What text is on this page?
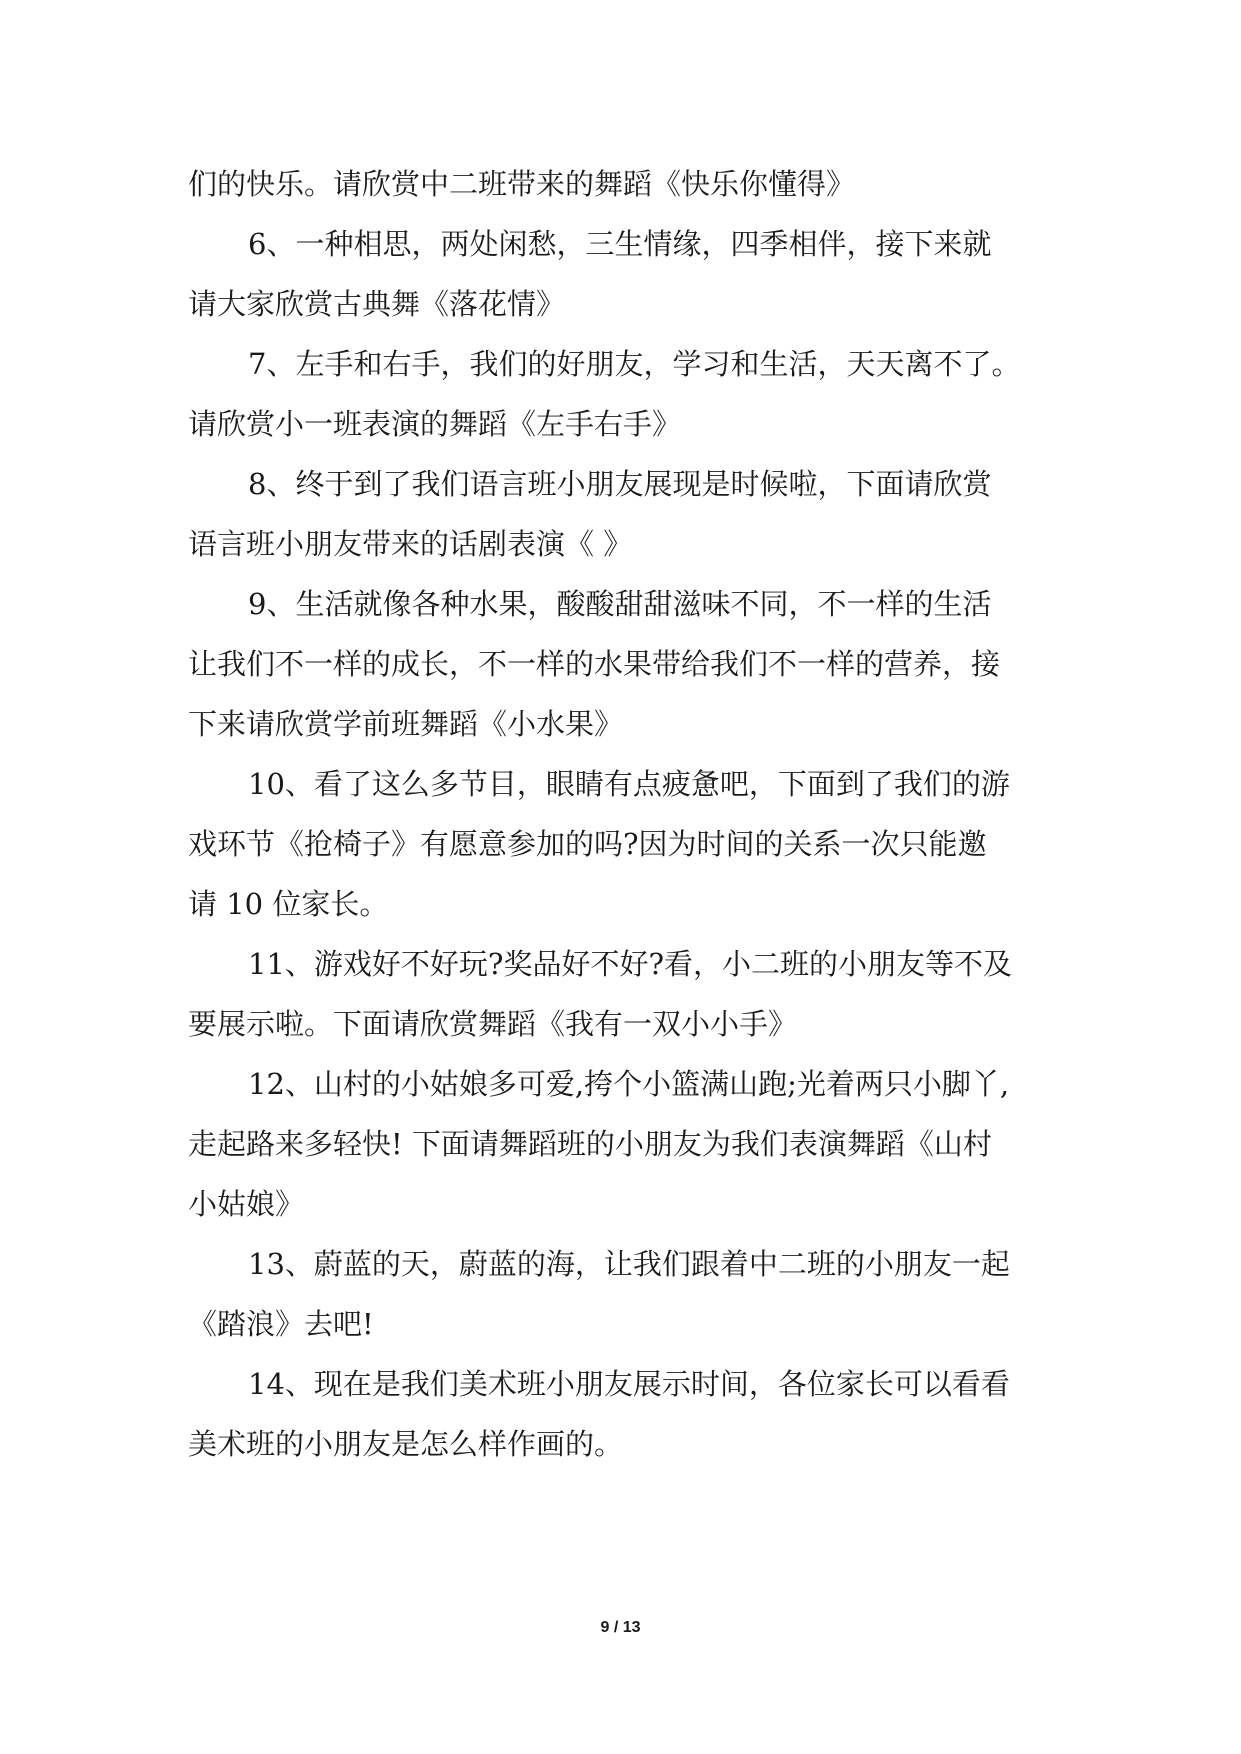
们的快乐。请欣赏中二班带来的舞蹈《快乐你懂得》
6、一种相思，两处闲愁，三生情缘，四季相伴，接下来就
请大家欣赏古典舞《落花情》
7、左手和右手，我们的好朋友，学习和生活，天天离不了。
请欣赏小一班表演的舞蹈《左手右手》
8、终于到了我们语言班小朋友展现是时候啦，下面请欣赏
语言班小朋友带来的话剧表演《 》
9、生活就像各种水果，酸酸甜甜滋味不同，不一样的生活
让我们不一样的成长，不一样的水果带给我们不一样的营养，接
下来请欣赏学前班舞蹈《小水果》
10、看了这么多节目，眼睛有点疲惫吧，下面到了我们的游
戏环节《抢椅子》有愿意参加的吗?因为时间的关系一次只能邀
请 10 位家长。
11、游戏好不好玩?奖品好不好?看，小二班的小朋友等不及
要展示啦。下面请欣赏舞蹈《我有一双小小手》
12、山村的小姑娘多可爱,挎个小篮满山跑;光着两只小脚丫,
走起路来多轻快! 下面请舞蹈班的小朋友为我们表演舞蹈《山村
小姑娘》
13、蔚蓝的天，蔚蓝的海，让我们跟着中二班的小朋友一起
《踏浪》去吧!
14、现在是我们美术班小朋友展示时间，各位家长可以看看
美术班的小朋友是怎么样作画的。
9 / 13
